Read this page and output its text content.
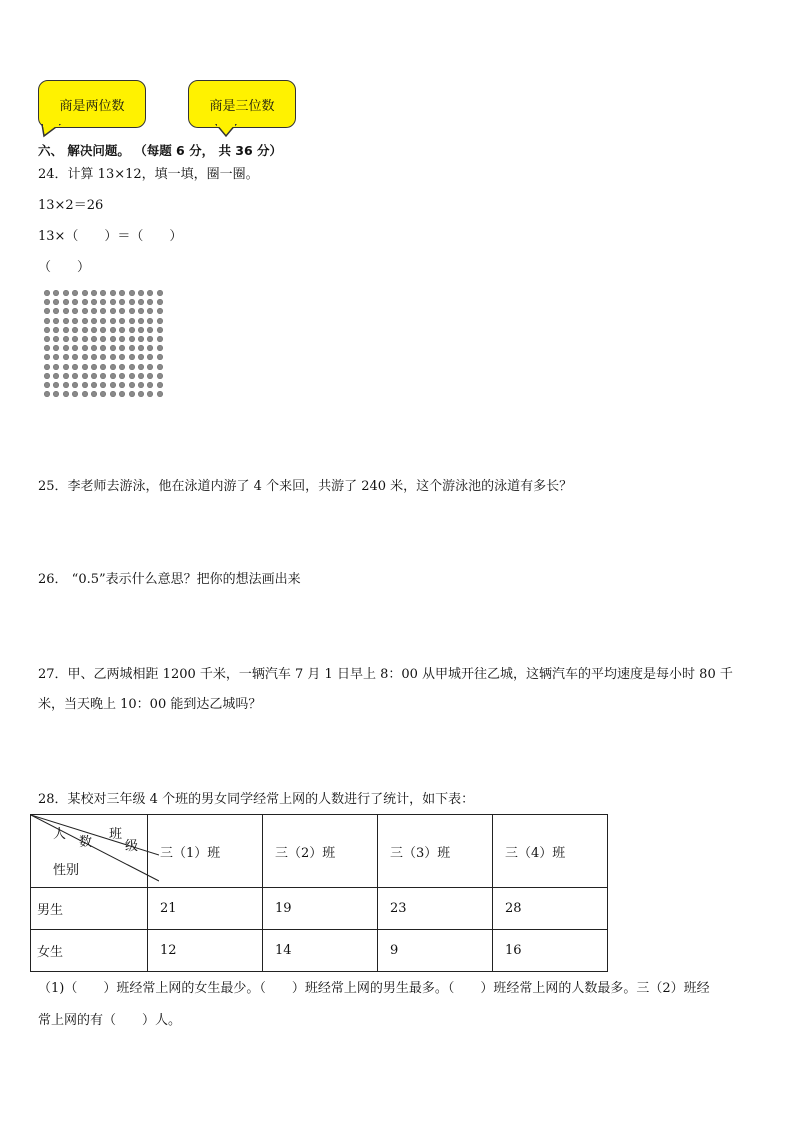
商是两位数	商是三位数
六、 解决问题。 （每题 6 分， 共 36 分）
24．计算 13×12，填一填，圈一圈。
13×2＝26
13×（　　）＝（　　）
（　　）
25．李老师去游泳，他在泳道内游了 4 个来回，共游了 240 米，这个游泳池的泳道有多长？
26． “0.5”表示什么意思？把你的想法画出来
27．甲、乙两城相距 1200 千米，一辆汽车 7 月 1 日早上 8：00 从甲城开往乙城，这辆汽车的平均速度是每小时 80 千
米，当天晚上 10：00 能到达乙城吗？
28．某校对三年级 4 个班的男女同学经常上网的人数进行了统计，如下表：
人
数
班
级
性别	三（1）班	三（2）班	三（3）班	三（4）班
男生	21	19	23	28
女生	12	14	9	16
（1)（　　）班经常上网的女生最少。（　　）班经常上网的男生最多。（　　）班经常上网的人数最多。三（2）班经
常上网的有（　　）人。
